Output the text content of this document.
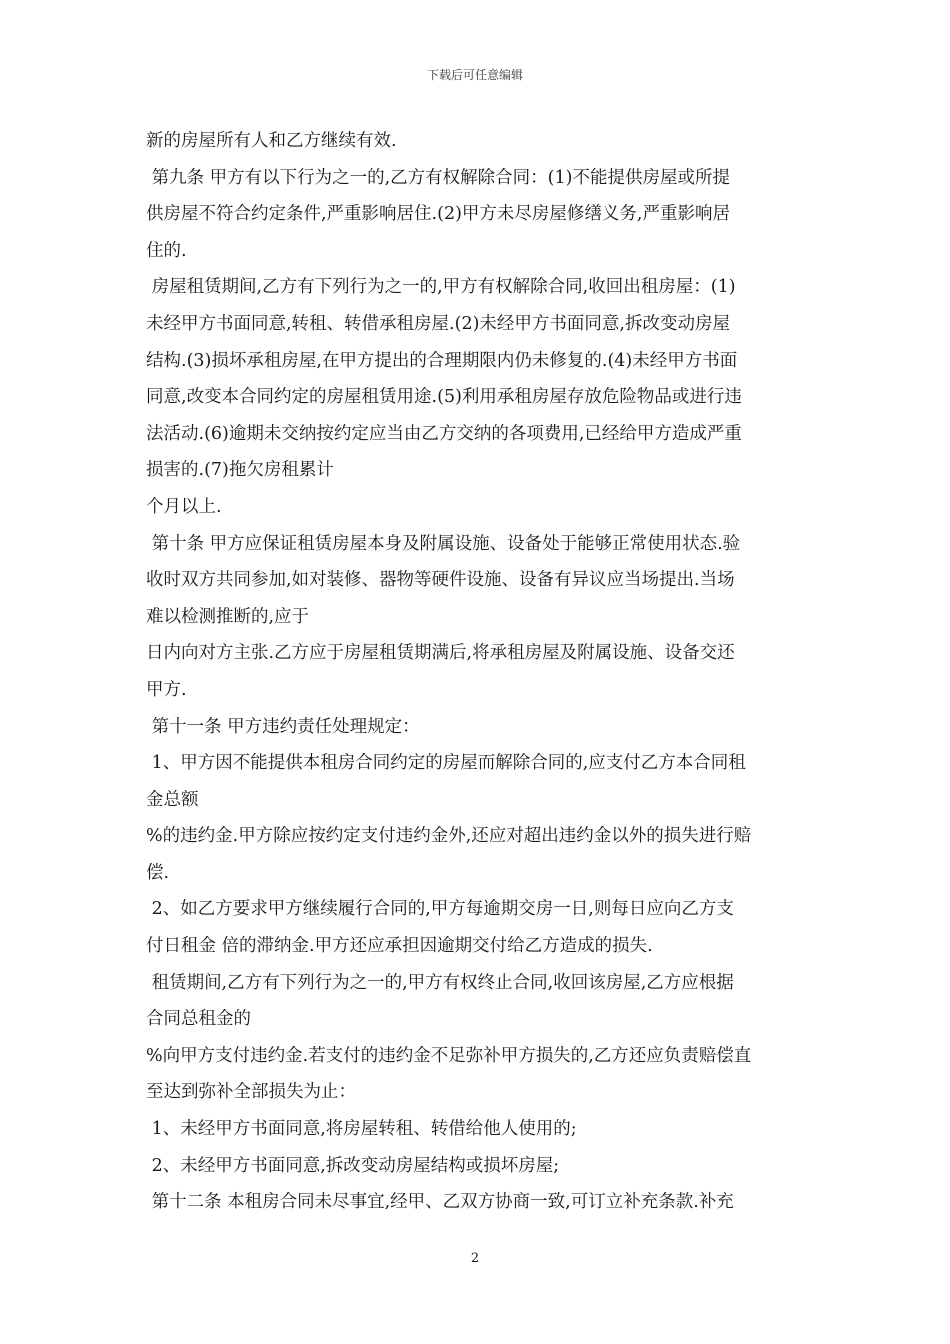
下载后可任意编辑
新的房屋所有人和乙方继续有效.
第九条 甲方有以下行为之一的,乙方有权解除合同：(1)不能提供房屋或所提
供房屋不符合约定条件,严重影响居住.(2)甲方未尽房屋修缮义务,严重影响居
住的.
房屋租赁期间,乙方有下列行为之一的,甲方有权解除合同,收回出租房屋：(1)
未经甲方书面同意,转租、转借承租房屋.(2)未经甲方书面同意,拆改变动房屋
结构.(3)损坏承租房屋,在甲方提出的合理期限内仍未修复的.(4)未经甲方书面
同意,改变本合同约定的房屋租赁用途.(5)利用承租房屋存放危险物品或进行违
法活动.(6)逾期未交纳按约定应当由乙方交纳的各项费用,已经给甲方造成严重
损害的.(7)拖欠房租累计
个月以上.
第十条 甲方应保证租赁房屋本身及附属设施、设备处于能够正常使用状态.验
收时双方共同参加,如对装修、器物等硬件设施、设备有异议应当场提出.当场
难以检测推断的,应于
日内向对方主张.乙方应于房屋租赁期满后,将承租房屋及附属设施、设备交还
甲方.
第十一条 甲方违约责任处理规定：
1、甲方因不能提供本租房合同约定的房屋而解除合同的,应支付乙方本合同租
金总额
%的违约金.甲方除应按约定支付违约金外,还应对超出违约金以外的损失进行赔
偿.
2、如乙方要求甲方继续履行合同的,甲方每逾期交房一日,则每日应向乙方支
付日租金 倍的滞纳金.甲方还应承担因逾期交付给乙方造成的损失.
租赁期间,乙方有下列行为之一的,甲方有权终止合同,收回该房屋,乙方应根据
合同总租金的
%向甲方支付违约金.若支付的违约金不足弥补甲方损失的,乙方还应负责赔偿直
至达到弥补全部损失为止：
1、未经甲方书面同意,将房屋转租、转借给他人使用的;
2、未经甲方书面同意,拆改变动房屋结构或损坏房屋;
第十二条 本租房合同未尽事宜,经甲、乙双方协商一致,可订立补充条款.补充
2
